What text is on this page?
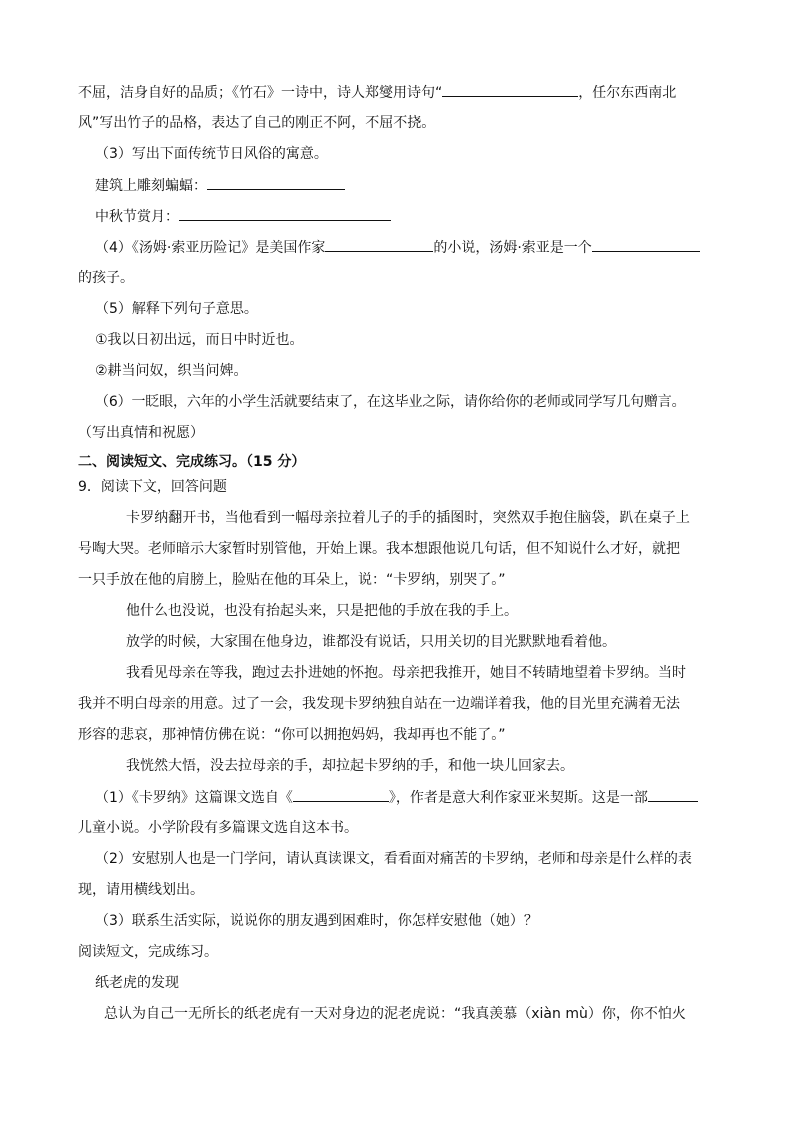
不屈，洁身自好的品质；《竹石》一诗中，诗人郑燮用诗句“	，任尔东西南北
风”写出竹子的品格，表达了自己的刚正不阿，不屈不挠。
（3）写出下面传统节日风俗的寓意。
建筑上雕刻蝙蝠：
中秋节赏月：
（4）《汤姆·索亚历险记》是美国作家	的小说，汤姆·索亚是一个
的孩子。
（5）解释下列句子意思。
①我以日初出远，而日中时近也。
②耕当问奴，织当问婢。
（6）一眨眼，六年的小学生活就要结束了，在这毕业之际，请你给你的老师或同学写几句赠言。
（写出真情和祝愿）
二、阅读短文、完成练习。（15 分）
9．阅读下文，回答问题
卡罗纳翻开书，当他看到一幅母亲拉着儿子的手的插图时，突然双手抱住脑袋，趴在桌子上
号啕大哭。老师暗示大家暂时别管他，开始上课。我本想跟他说几句话，但不知说什么才好，就把
一只手放在他的肩膀上，脸贴在他的耳朵上，说：“卡罗纳，别哭了。”
他什么也没说，也没有抬起头来，只是把他的手放在我的手上。
放学的时候，大家围在他身边，谁都没有说话，只用关切的目光默默地看着他。
我看见母亲在等我，跑过去扑进她的怀抱。母亲把我推开，她目不转睛地望着卡罗纳。当时
我并不明白母亲的用意。过了一会，我发现卡罗纳独自站在一边端详着我，他的目光里充满着无法
形容的悲哀，那神情仿佛在说：“你可以拥抱妈妈，我却再也不能了。”
我恍然大悟，没去拉母亲的手，却拉起卡罗纳的手，和他一块儿回家去。
（1）《卡罗纳》这篇课文选自《	》，作者是意大利作家亚米契斯。这是一部
儿童小说。小学阶段有多篇课文选自这本书。
（2）安慰别人也是一门学问，请认真读课文，看看面对痛苦的卡罗纳，老师和母亲是什么样的表
现，请用横线划出。
（3）联系生活实际，说说你的朋友遇到困难时，你怎样安慰他（她）？
阅读短文，完成练习。
纸老虎的发现
总认为自己一无所长的纸老虎有一天对身边的泥老虎说：“我真羡慕（xiàn mù）你，你不怕火
